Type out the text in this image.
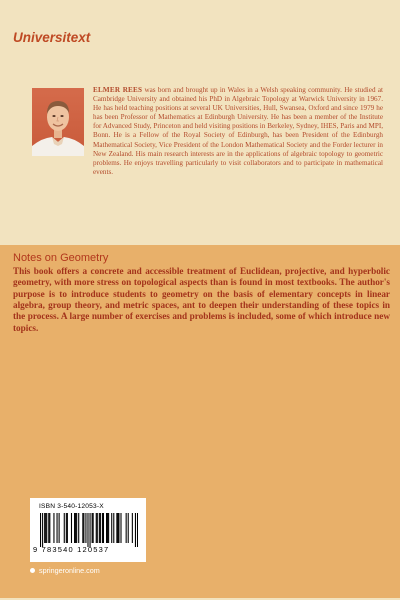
Universitext

ELMER REES was born and brought up in Wales in a Welsh speaking community. He studied at Cambridge University and obtained his PhD in Algebraic Topology at Warwick University in 1967. He has held teaching positions at several UK Universities, Hull, Swansea, Oxford and since 1979 he has been Professor of Mathematics at Edinburgh University. He has been a member of the Institute for Advanced Study, Princeton and held visiting positions in Berkeley, Sydney, IHES, Paris and MPI, Bonn. He is a Fellow of the Royal Society of Edinburgh, has been President of the Edinburgh Mathematical Society, Vice President of the London Mathematical Society and the Forder lecturer in New Zealand. His main research interests are in the applications of algebraic topology to geometric problems. He enjoys travelling particularly to visit collaborators and to participate in mathematical events.

Notes on Geometry

This book offers a concrete and accessible treatment of Euclidean, projective, and hyperbolic geometry, with more stress on topological aspects than is found in most textbooks. The author's purpose is to introduce students to geometry on the basis of elementary concepts in linear algebra, group theory, and metric spaces, ant to deepen their understanding of these topics in the process. A large number of exercises and problems is included, some of which introduce new topics.

ISBN 3-540-12053-X
9 783540 120537
springeronline.com
